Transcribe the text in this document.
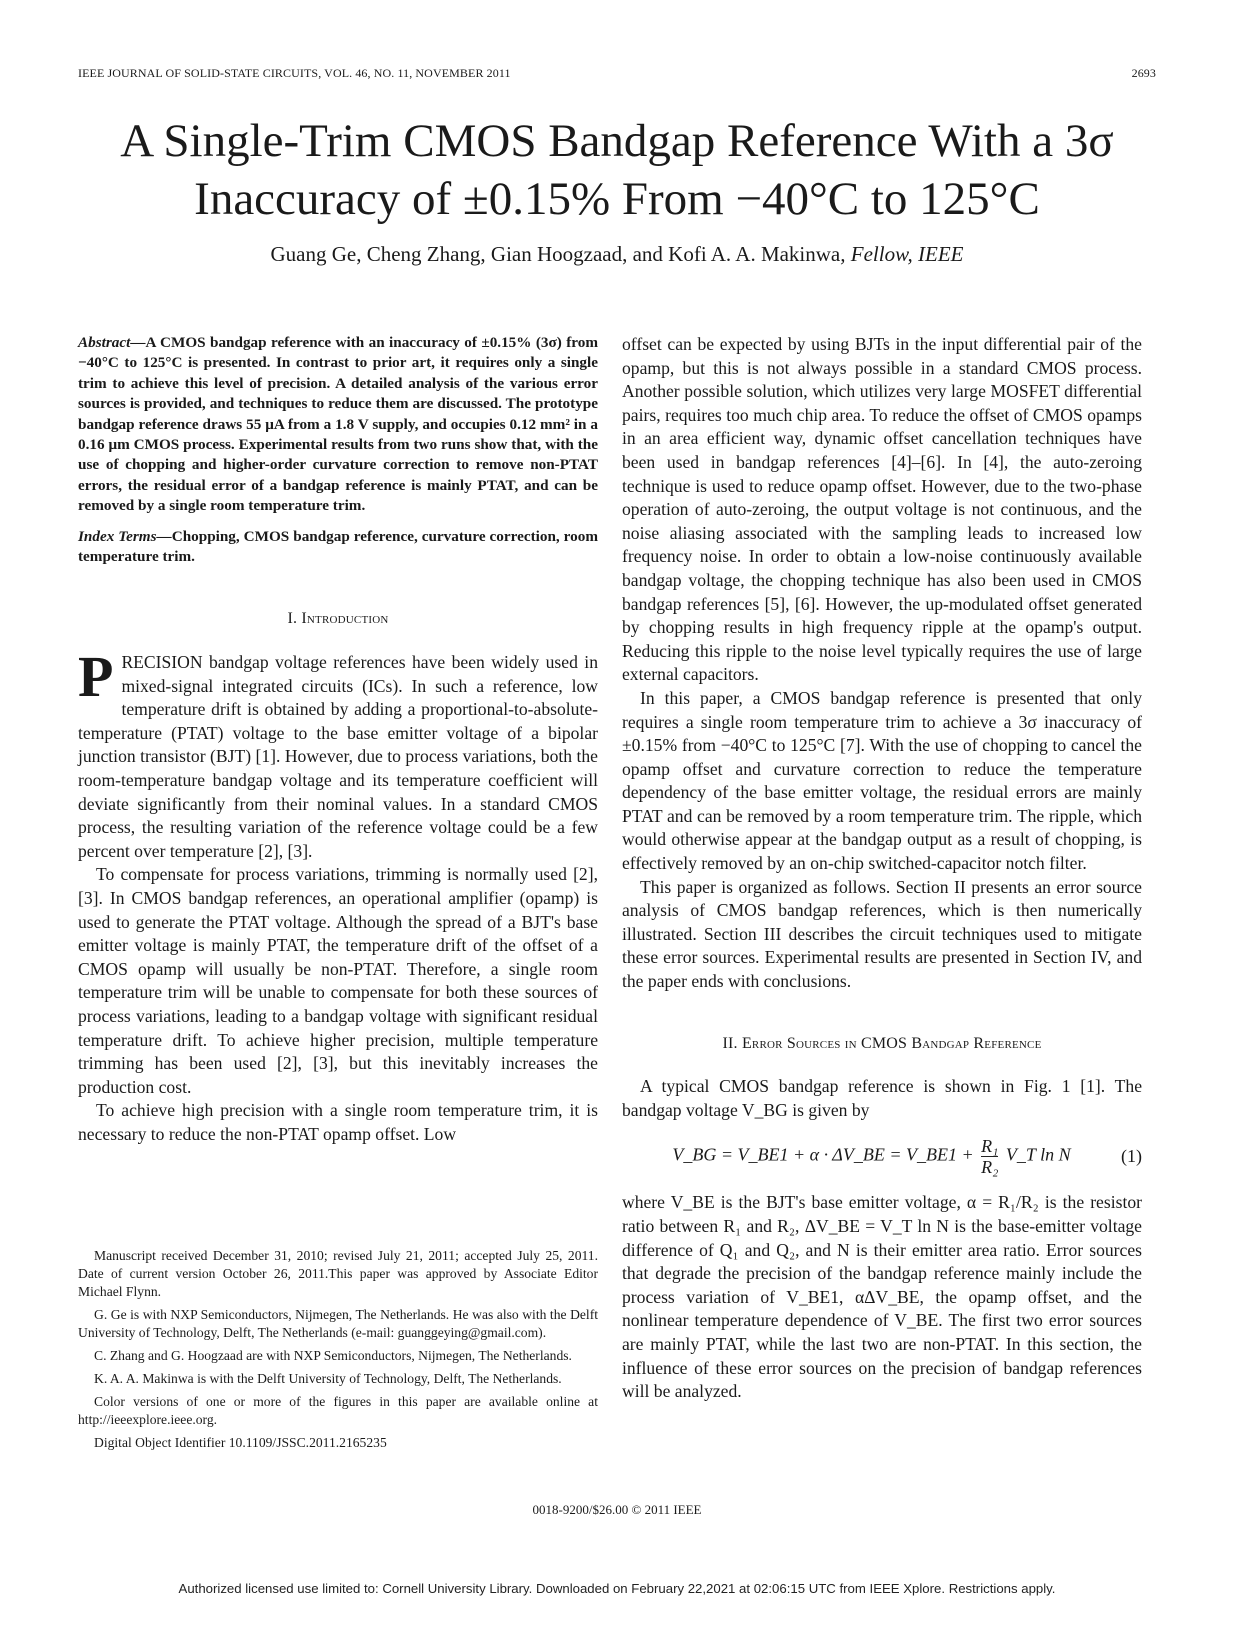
IEEE JOURNAL OF SOLID-STATE CIRCUITS, VOL. 46, NO. 11, NOVEMBER 2011	2693
A Single-Trim CMOS Bandgap Reference With a 3σ
Inaccuracy of ±0.15% From −40°C to 125°C
Guang Ge, Cheng Zhang, Gian Hoogzaad, and Kofi A. A. Makinwa, Fellow, IEEE

Abstract—A CMOS bandgap reference with an inaccuracy of ±0.15% (3σ) from −40°C to 125°C is presented. In contrast to prior art, it requires only a single trim to achieve this level of precision. A detailed analysis of the various error sources is provided, and techniques to reduce them are discussed. The prototype bandgap reference draws 55 μA from a 1.8 V supply, and occupies 0.12 mm² in a 0.16 μm CMOS process. Experimental results from two runs show that, with the use of chopping and higher-order curvature correction to remove non-PTAT errors, the residual error of a bandgap reference is mainly PTAT, and can be removed by a single room temperature trim.

Index Terms—Chopping, CMOS bandgap reference, curvature correction, room temperature trim.

I. Introduction

PRECISION bandgap voltage references have been widely used in mixed-signal integrated circuits (ICs). In such a reference, low temperature drift is obtained by adding a proportional-to-absolute-temperature (PTAT) voltage to the base emitter voltage of a bipolar junction transistor (BJT) [1]. However, due to process variations, both the room-temperature bandgap voltage and its temperature coefficient will deviate significantly from their nominal values. In a standard CMOS process, the resulting variation of the reference voltage could be a few percent over temperature [2], [3].

To compensate for process variations, trimming is normally used [2], [3]. In CMOS bandgap references, an operational amplifier (opamp) is used to generate the PTAT voltage. Although the spread of a BJT's base emitter voltage is mainly PTAT, the temperature drift of the offset of a CMOS opamp will usually be non-PTAT. Therefore, a single room temperature trim will be unable to compensate for both these sources of process variations, leading to a bandgap voltage with significant residual temperature drift. To achieve higher precision, multiple temperature trimming has been used [2], [3], but this inevitably increases the production cost.

To achieve high precision with a single room temperature trim, it is necessary to reduce the non-PTAT opamp offset. Low

Manuscript received December 31, 2010; revised July 21, 2011; accepted July 25, 2011. Date of current version October 26, 2011.This paper was approved by Associate Editor Michael Flynn.

G. Ge is with NXP Semiconductors, Nijmegen, The Netherlands. He was also with the Delft University of Technology, Delft, The Netherlands (e-mail: guanggeying@gmail.com).

C. Zhang and G. Hoogzaad are with NXP Semiconductors, Nijmegen, The Netherlands.

K. A. A. Makinwa is with the Delft University of Technology, Delft, The Netherlands.

Color versions of one or more of the figures in this paper are available online at http://ieeexplore.ieee.org.

Digital Object Identifier 10.1109/JSSC.2011.2165235

offset can be expected by using BJTs in the input differential pair of the opamp, but this is not always possible in a standard CMOS process. Another possible solution, which utilizes very large MOSFET differential pairs, requires too much chip area. To reduce the offset of CMOS opamps in an area efficient way, dynamic offset cancellation techniques have been used in bandgap references [4]–[6]. In [4], the auto-zeroing technique is used to reduce opamp offset. However, due to the two-phase operation of auto-zeroing, the output voltage is not continuous, and the noise aliasing associated with the sampling leads to increased low frequency noise. In order to obtain a low-noise continuously available bandgap voltage, the chopping technique has also been used in CMOS bandgap references [5], [6]. However, the up-modulated offset generated by chopping results in high frequency ripple at the opamp's output. Reducing this ripple to the noise level typically requires the use of large external capacitors.

In this paper, a CMOS bandgap reference is presented that only requires a single room temperature trim to achieve a 3σ inaccuracy of ±0.15% from −40°C to 125°C [7]. With the use of chopping to cancel the opamp offset and curvature correction to reduce the temperature dependency of the base emitter voltage, the residual errors are mainly PTAT and can be removed by a room temperature trim. The ripple, which would otherwise appear at the bandgap output as a result of chopping, is effectively removed by an on-chip switched-capacitor notch filter.

This paper is organized as follows. Section II presents an error source analysis of CMOS bandgap references, which is then numerically illustrated. Section III describes the circuit techniques used to mitigate these error sources. Experimental results are presented in Section IV, and the paper ends with conclusions.

II. Error Sources in CMOS Bandgap Reference

A typical CMOS bandgap reference is shown in Fig. 1 [1]. The bandgap voltage V_BG is given by

V_BG = V_BE1 + α · ΔV_BE = V_BE1 + $\frac{\text{R₁}}{\text{R₂}}$ V_T ln N	(1)

where V_BE is the BJT's base emitter voltage, α = R₁/R₂ is the resistor ratio between R₁ and R₂, ΔV_BE = V_T ln N is the base-emitter voltage difference of Q₁ and Q₂, and N is their emitter area ratio. Error sources that degrade the precision of the bandgap reference mainly include the process variation of V_BE1, αΔV_BE, the opamp offset, and the nonlinear temperature dependence of V_BE. The first two error sources are mainly PTAT, while the last two are non-PTAT. In this section, the influence of these error sources on the precision of bandgap references will be analyzed.

0018-9200/$26.00 © 2011 IEEE
Authorized licensed use limited to: Cornell University Library. Downloaded on February 22,2021 at 02:06:15 UTC from IEEE Xplore. Restrictions apply.
